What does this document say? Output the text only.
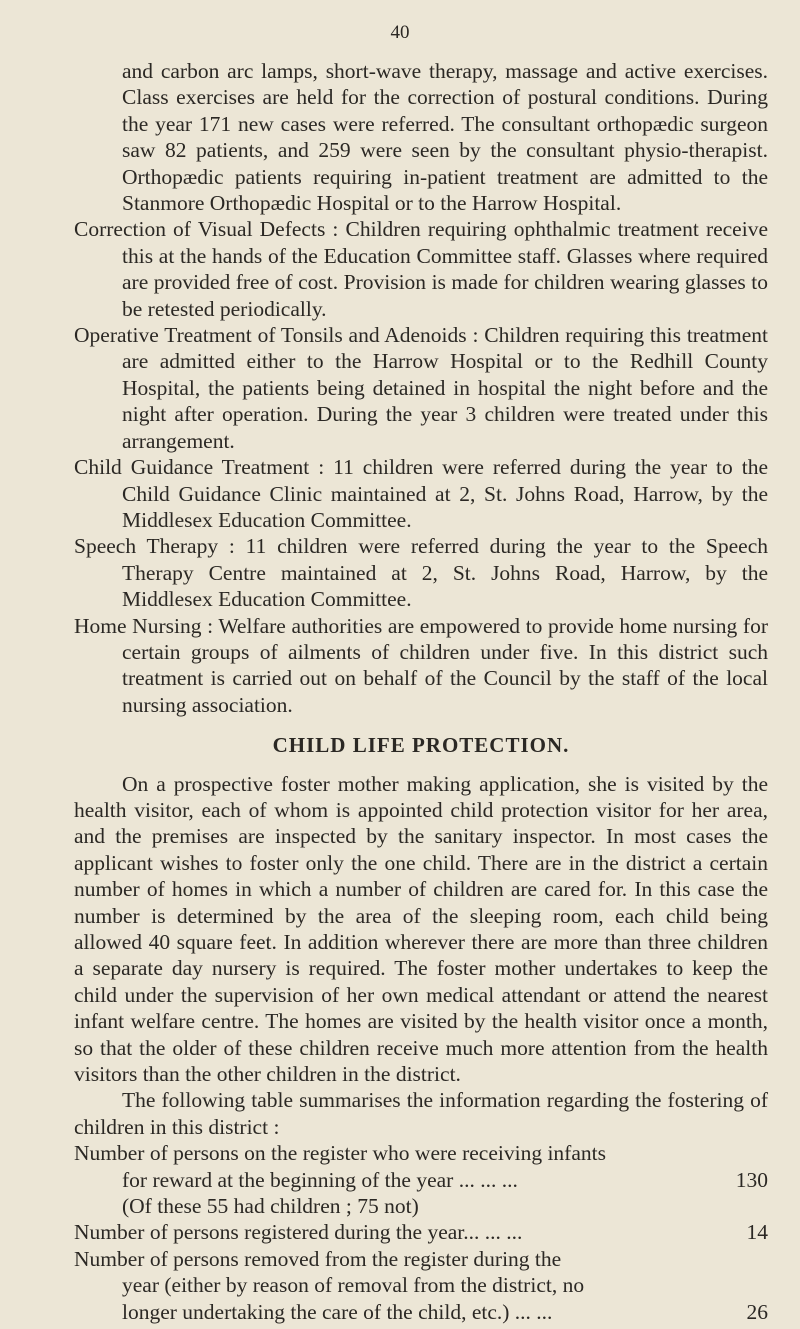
40

and carbon arc lamps, short-wave therapy, massage and active exercises. Class exercises are held for the correction of postural conditions. During the year 171 new cases were referred. The consultant orthopædic surgeon saw 82 patients, and 259 were seen by the consultant physio-therapist. Orthopædic patients requiring in-patient treatment are admitted to the Stanmore Orthopædic Hospital or to the Harrow Hospital.

Correction of Visual Defects : Children requiring ophthalmic treatment receive this at the hands of the Education Committee staff. Glasses where required are provided free of cost. Provision is made for children wearing glasses to be retested periodically.

Operative Treatment of Tonsils and Adenoids : Children requiring this treatment are admitted either to the Harrow Hospital or to the Redhill County Hospital, the patients being detained in hospital the night before and the night after operation. During the year 3 children were treated under this arrangement.

Child Guidance Treatment : 11 children were referred during the year to the Child Guidance Clinic maintained at 2, St. Johns Road, Harrow, by the Middlesex Education Committee.

Speech Therapy : 11 children were referred during the year to the Speech Therapy Centre maintained at 2, St. Johns Road, Harrow, by the Middlesex Education Committee.

Home Nursing : Welfare authorities are empowered to provide home nursing for certain groups of ailments of children under five. In this district such treatment is carried out on behalf of the Council by the staff of the local nursing association.

CHILD LIFE PROTECTION.

On a prospective foster mother making application, she is visited by the health visitor, each of whom is appointed child protection visitor for her area, and the premises are inspected by the sanitary inspector. In most cases the applicant wishes to foster only the one child. There are in the district a certain number of homes in which a number of children are cared for. In this case the number is determined by the area of the sleeping room, each child being allowed 40 square feet. In addition wherever there are more than three children a separate day nursery is required. The foster mother undertakes to keep the child under the supervision of her own medical attendant or attend the nearest infant welfare centre. The homes are visited by the health visitor once a month, so that the older of these children receive much more attention from the health visitors than the other children in the district.

The following table summarises the information regarding the fostering of children in this district :

Number of persons on the register who were receiving infants
for reward at the beginning of the year ... ... ...	130
(Of these 55 had children ; 75 not)
Number of persons registered during the year... ... ...	14
Number of persons removed from the register during the
year (either by reason of removal from the district, no
longer undertaking the care of the child, etc.) ... ...	26
